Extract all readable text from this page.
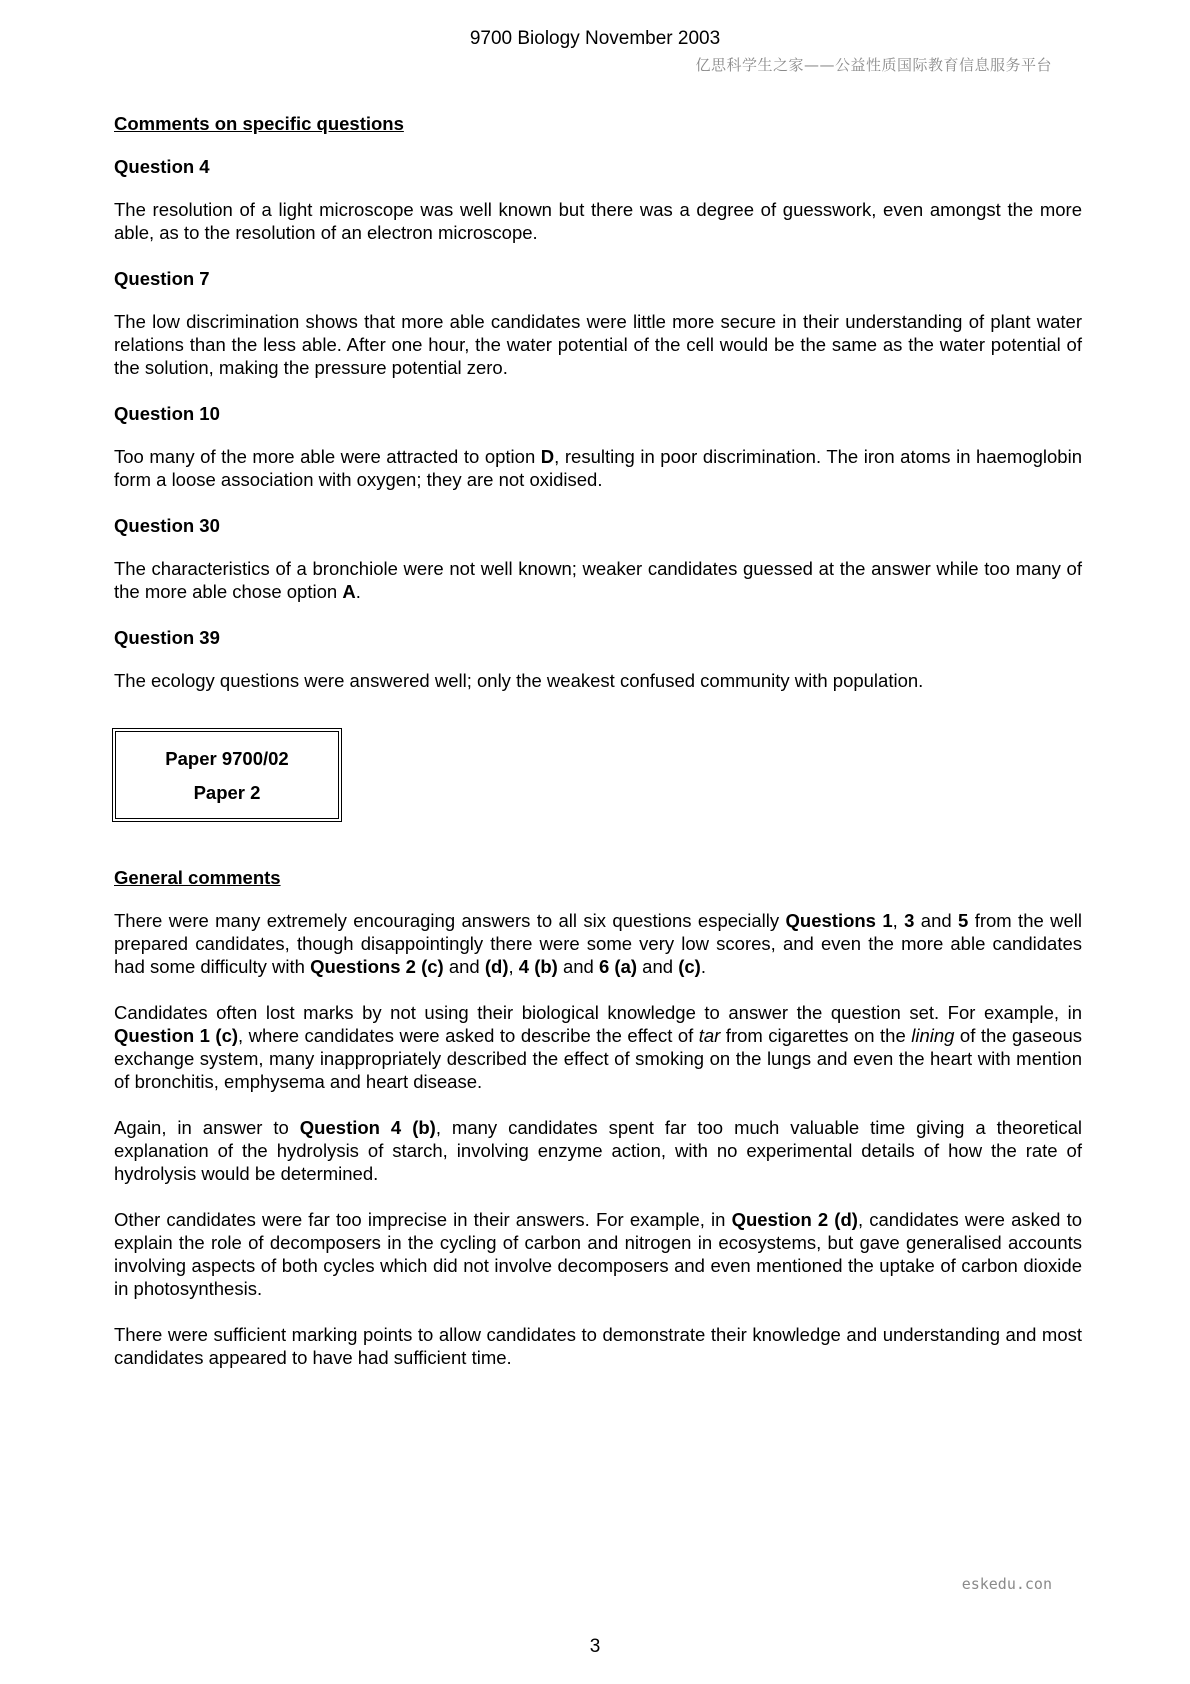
9700 Biology November 2003
亿思科学生之家——公益性质国际教育信息服务平台
Comments on specific questions
Question 4

The resolution of a light microscope was well known but there was a degree of guesswork, even amongst the more able, as to the resolution of an electron microscope.

Question 7

The low discrimination shows that more able candidates were little more secure in their understanding of plant water relations than the less able. After one hour, the water potential of the cell would be the same as the water potential of the solution, making the pressure potential zero.

Question 10

Too many of the more able were attracted to option D, resulting in poor discrimination. The iron atoms in haemoglobin form a loose association with oxygen; they are not oxidised.

Question 30

The characteristics of a bronchiole were not well known; weaker candidates guessed at the answer while too many of the more able chose option A.

Question 39

The ecology questions were answered well; only the weakest confused community with population.

Paper 9700/02
Paper 2
General comments

There were many extremely encouraging answers to all six questions especially Questions 1, 3 and 5 from the well prepared candidates, though disappointingly there were some very low scores, and even the more able candidates had some difficulty with Questions 2 (c) and (d), 4 (b) and 6 (a) and (c).

Candidates often lost marks by not using their biological knowledge to answer the question set. For example, in Question 1 (c), where candidates were asked to describe the effect of tar from cigarettes on the lining of the gaseous exchange system, many inappropriately described the effect of smoking on the lungs and even the heart with mention of bronchitis, emphysema and heart disease.

Again, in answer to Question 4 (b), many candidates spent far too much valuable time giving a theoretical explanation of the hydrolysis of starch, involving enzyme action, with no experimental details of how the rate of hydrolysis would be determined.

Other candidates were far too imprecise in their answers. For example, in Question 2 (d), candidates were asked to explain the role of decomposers in the cycling of carbon and nitrogen in ecosystems, but gave generalised accounts involving aspects of both cycles which did not involve decomposers and even mentioned the uptake of carbon dioxide in photosynthesis.

There were sufficient marking points to allow candidates to demonstrate their knowledge and understanding and most candidates appeared to have had sufficient time.

eskedu.con
3
